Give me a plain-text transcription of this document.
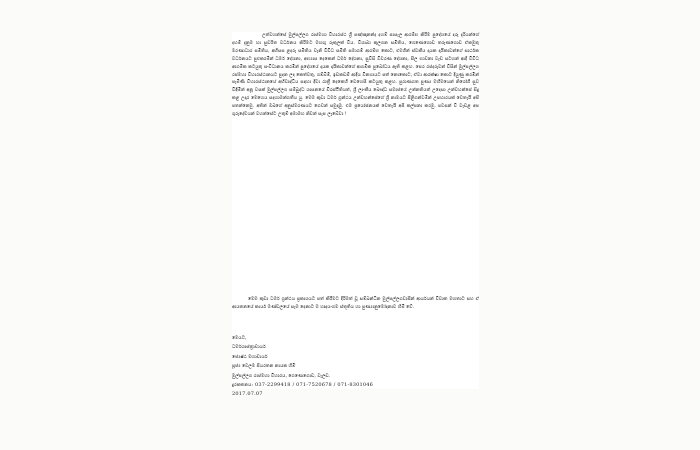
උත්වහන්සේ මුල්පල්ලග රාජමහා විහාරස්ථ ශ්‍රී පඤ්ඤානන්ද දහම් පාසැල ආරම්භ කිරීම පුදේශයේ දරු දැරියන්ගේ දහම් දැනුම හා සුචරිත වර්ධනය කිරීමට මහඟු රුකුලක් විය. විශාඛා කුලගන සමිතිය, ගෙණෙගොඩ තරුණගොඩ ඒකමුතු මරණාධාර සමිතිය, අභිසස ළදරු සමිතිය වැනි විවිධ සමිති සමාගම් ආරම්භ කොට, එමගින් ස්වකීය දායක දායිකාවන්ගේ සාර්ථක වර්ධනයට පුළුකරමින් ධර්ම දේශනා, අභ්‍යාස දෙකෙන් ධර්ම දේශනා, සුවිසි විවරණ දේශනා, සීල භාවනා වැඩ සටහන් ආදී විවිධ ආගමික කටයුතු සංවිධානය කරමින් පුදේශයේ දායක දායිකාවන්ගේ ආගමික පුබෝධය ඇති කළහ. පෙර රජදරුවන් විසින් මුල්පල්ලග රජමහා විහාරස්ථානයට පුදන ලද කෙත්වතු, ගම්බිම්, ඉඩකඩම් ආදිය විනාශයට පත් නොකොට, ඒවා ආරක්ෂා කොට දියුණු කරමින් පැමිණි විහාරස්ථානයේ අභිවෘද්ධිය සඳහා දිවා රාත්‍රී දෙකෙහි වෙහෙසී කටයුතු කළහ. පුරාණගත පුණ්‍ය මහිමයෙන් නිරෝගී සුව විඳිමින් අනූ වසක් මුල්පල්ලග සම්බුද්ධ ශාසනයේ චිරස්ථිතියත්, ශ්‍රී ලාංකීය බෞද්ධ සමාජයේ උන්නතියත් උදෙසා උන්වහන්සේ සිදු කළ උදාර මෙහෙය සදහාමන්ගතීය යු. මෙම කුඩා ධර්ම ග්‍රන්ථය උන්වහන්සේගේ ශ්‍රී නාමයට පිළිගන්වමින් උපහාරයක් වෙතැයි අපි පතන්නෙමු. අතින් ඔබගේ අනුස්මරණයට ගෙවන් සමුදාමු. එම ප්‍රයෝජනයක් වෙතැයි අපි කල්පනා කරමු. පවසන් වී වැඩළ අප ගුරුදේවයන් වහන්සේට උතුම් අමාමහ නිවන් සැප ලැබේවා !

මෙම කුඩා ධර්ම ග්‍රන්ථය ප්‍රකාශයට පත් කිරීමට දිරිමත් වූ සම්බන්ධීන මුල්පල්ලගවාසීන් ආර්යයන් විවෘත මහතාට සහ ඒ ආයතනයේ කාර්ය මණ්ඩලයේ සැම දෙනාට ම හෘදයංගම ස්තූතිය හා පුණ්‍යානුමෝදනාව හිමි වේ.

මෙයට,
ධර්මශාස්ත්‍රාචාර්ය
ජ්‍යෙෂ්ඨ මහාචාර්ය
පූජ්‍ය වෙලම පියරතන නායක හිමි
මුල්පල්ලග රාජමහා විහාරය, ගෙණෙගොඩ, වැලඩ.
දුරකතනය: 037-2299418 / 071-7520678 / 071-8301046
2017.07.07
